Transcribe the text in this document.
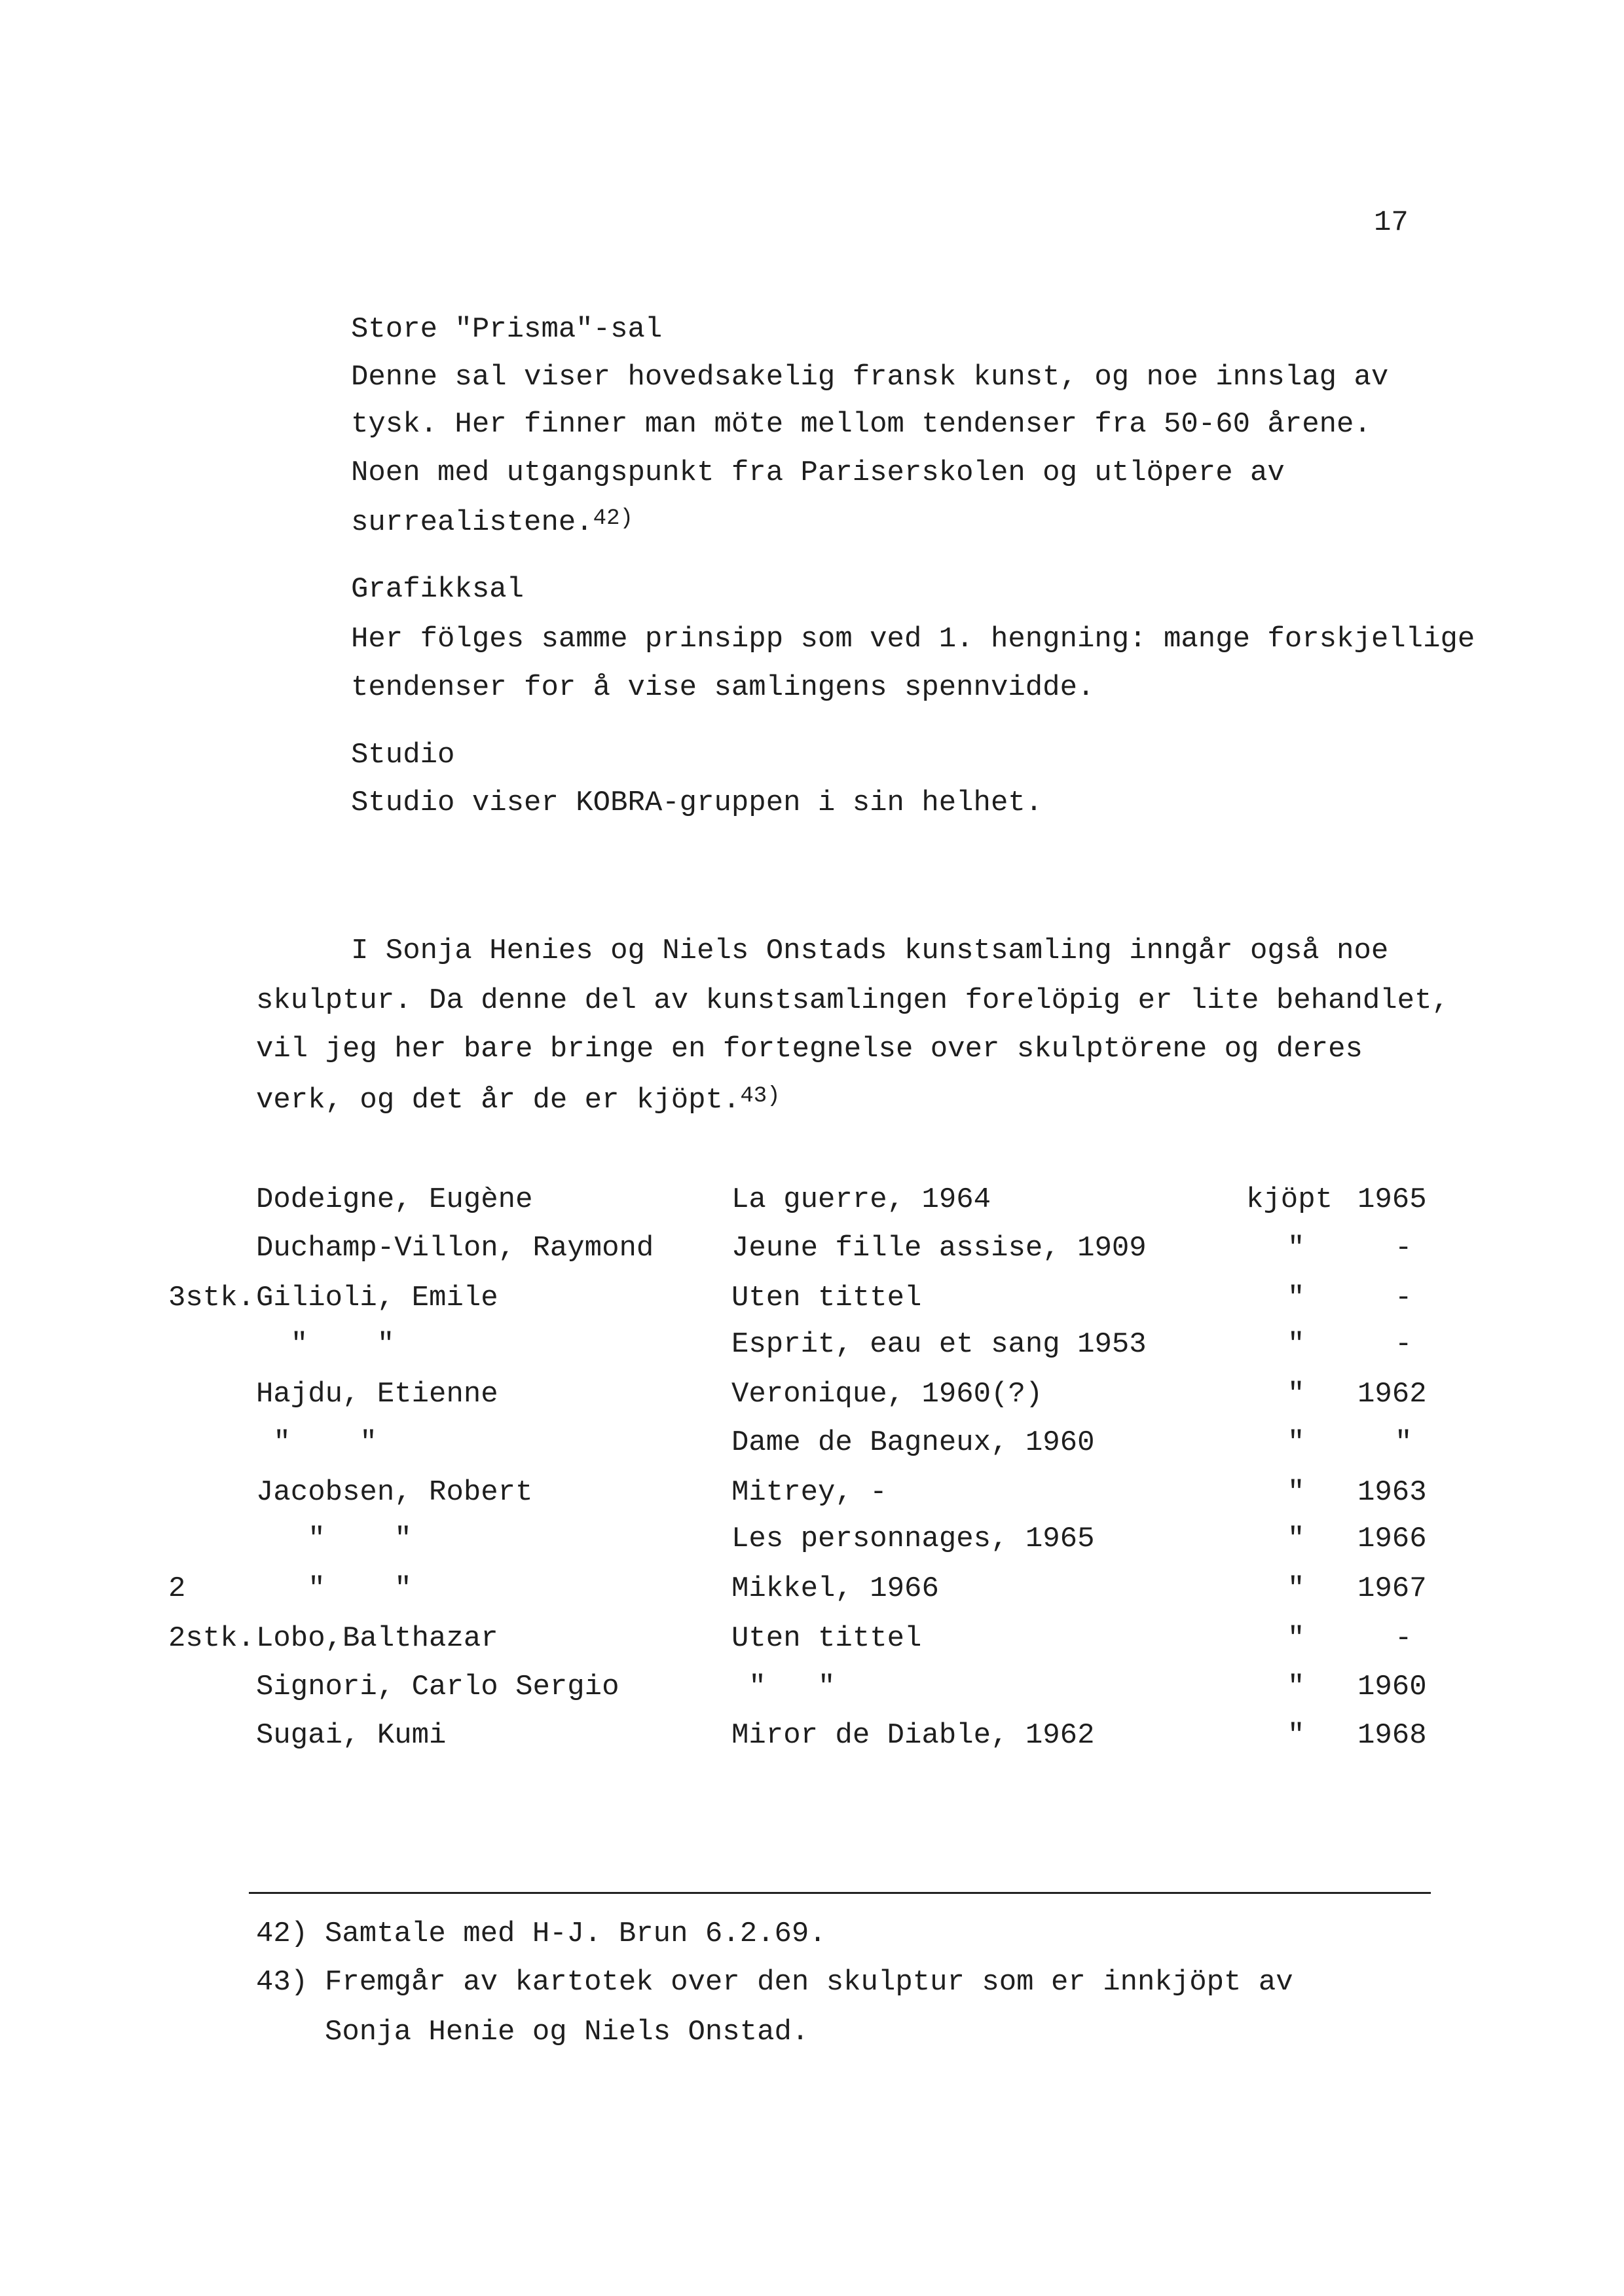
17
Store "Prisma"-sal
Denne sal viser hovedsakelig fransk kunst, og noe innslag av
tysk. Her finner man möte mellom tendenser fra 50-60 årene.
Noen med utgangspunkt fra Pariserskolen og utlöpere av
surrealistene.$^{42)}$
Grafikksal
Her fölges samme prinsipp som ved 1. hengning: mange forskjellige
tendenser for å vise samlingens spennvidde.
Studio
Studio viser KOBRA-gruppen i sin helhet.
I Sonja Henies og Niels Onstads kunstsamling inngår også noe
skulptur. Da denne del av kunstsamlingen forelöpig er lite behandlet,
vil jeg her bare bringe en fortegnelse over skulptörene og deres
verk, og det år de er kjöpt.$^{43)}$
Dodeigne, Eugène	La guerre, 1964	kjöpt 1965
Duchamp-Villon, Raymond	Jeune fille assise, 1909	"	-
3stk. Gilioli, Emile	Uten tittel	"	-
"    "	Esprit, eau et sang 1953	"	-
Hajdu, Etienne	Veronique, 1960(?)	" 1962
"    "	Dame de Bagneux, 1960	"	"
Jacobsen, Robert	Mitrey, -	" 1963
"    "	Les personnages, 1965	" 1966
2 "    "	Mikkel, 1966	" 1967
2stk. Lobo,Balthazar	Uten tittel	"	-
Signori, Carlo Sergio	"   "	" 1960
Sugai, Kumi	Miror de Diable, 1962	" 1968
42) Samtale med H-J. Brun 6.2.69.
43) Fremgår av kartotek over den skulptur som er innkjöpt av
Sonja Henie og Niels Onstad.
